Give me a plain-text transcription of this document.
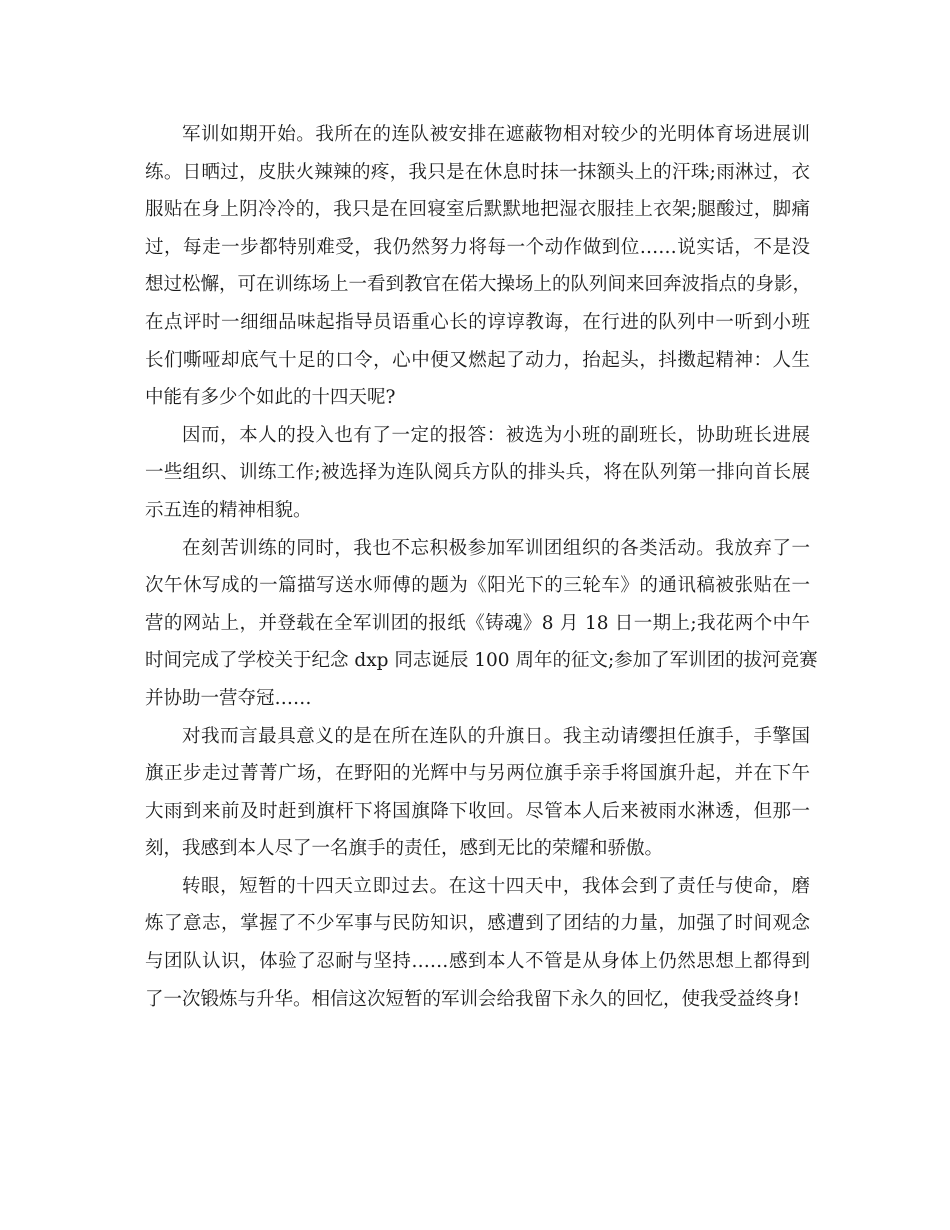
军训如期开始。我所在的连队被安排在遮蔽物相对较少的光明体育场进展训
练。日晒过，皮肤火辣辣的疼，我只是在休息时抹一抹额头上的汗珠;雨淋过，衣
服贴在身上阴冷冷的，我只是在回寝室后默默地把湿衣服挂上衣架;腿酸过，脚痛
过，每走一步都特别难受，我仍然努力将每一个动作做到位……说实话，不是没
想过松懈，可在训练场上一看到教官在偌大操场上的队列间来回奔波指点的身影，
在点评时一细细品味起指导员语重心长的谆谆教诲，在行进的队列中一听到小班
长们嘶哑却底气十足的口令，心中便又燃起了动力，抬起头，抖擞起精神：人生
中能有多少个如此的十四天呢?
因而，本人的投入也有了一定的报答：被选为小班的副班长，协助班长进展
一些组织、训练工作;被选择为连队阅兵方队的排头兵，将在队列第一排向首长展
示五连的精神相貌。
在刻苦训练的同时，我也不忘积极参加军训团组织的各类活动。我放弃了一
次午休写成的一篇描写送水师傅的题为《阳光下的三轮车》的通讯稿被张贴在一
营的网站上，并登载在全军训团的报纸《铸魂》8 月 18 日一期上;我花两个中午
时间完成了学校关于纪念 dxp 同志诞辰 100 周年的征文;参加了军训团的拔河竞赛
并协助一营夺冠……
对我而言最具意义的是在所在连队的升旗日。我主动请缨担任旗手，手擎国
旗正步走过菁菁广场，在野阳的光辉中与另两位旗手亲手将国旗升起，并在下午
大雨到来前及时赶到旗杆下将国旗降下收回。尽管本人后来被雨水淋透，但那一
刻，我感到本人尽了一名旗手的责任，感到无比的荣耀和骄傲。
转眼，短暂的十四天立即过去。在这十四天中，我体会到了责任与使命，磨
炼了意志，掌握了不少军事与民防知识，感遭到了团结的力量，加强了时间观念
与团队认识，体验了忍耐与坚持……感到本人不管是从身体上仍然思想上都得到
了一次锻炼与升华。相信这次短暂的军训会给我留下永久的回忆，使我受益终身!
